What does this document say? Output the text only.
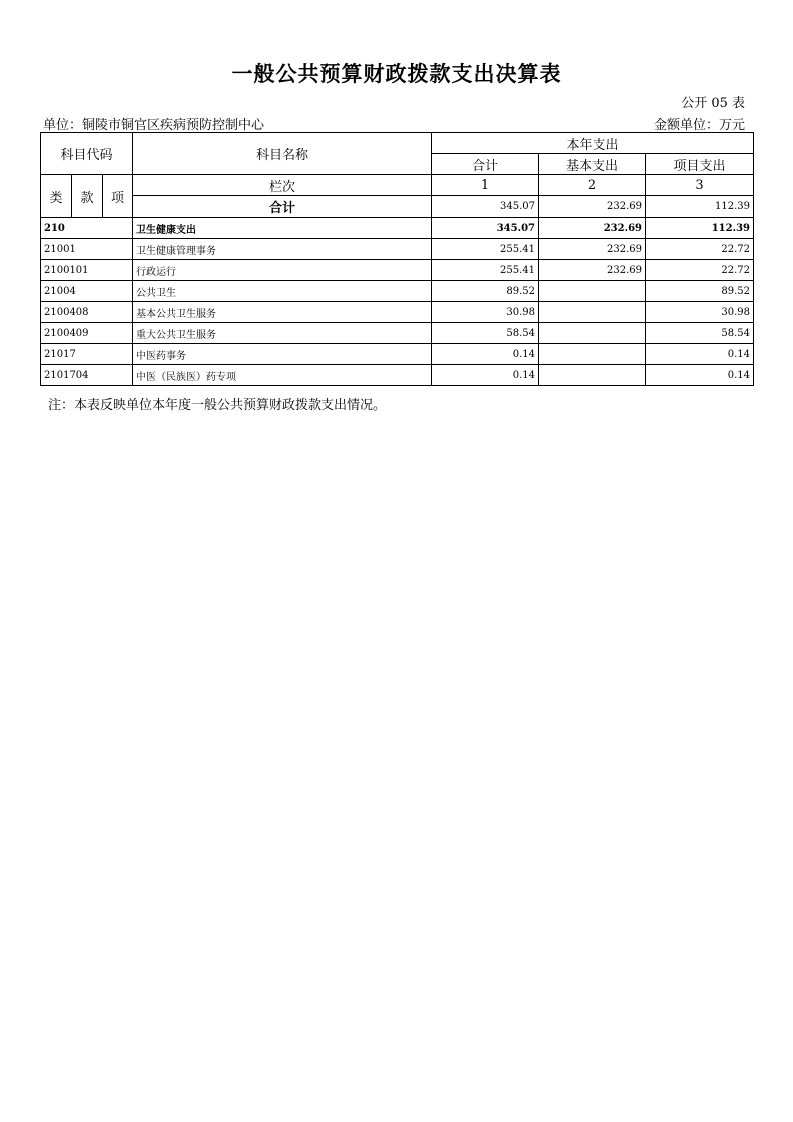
一般公共预算财政拨款支出决算表
公开 05 表
单位：铜陵市铜官区疾病预防控制中心	金额单位：万元
科目代码			科目名称	本年支出		
				合计	基本支出	项目支出
类	款	项	栏次	1	2	3
			合计	345.07	232.69	112.39
210			卫生健康支出	345.07	232.69	112.39
21001			卫生健康管理事务	255.41	232.69	22.72
2100101			行政运行	255.41	232.69	22.72
21004			公共卫生	89.52		89.52
2100408			基本公共卫生服务	30.98		30.98
2100409			重大公共卫生服务	58.54		58.54
21017			中医药事务	0.14		0.14
2101704			中医（民族医）药专项	0.14		0.14
注：本表反映单位本年度一般公共预算财政拨款支出情况。
